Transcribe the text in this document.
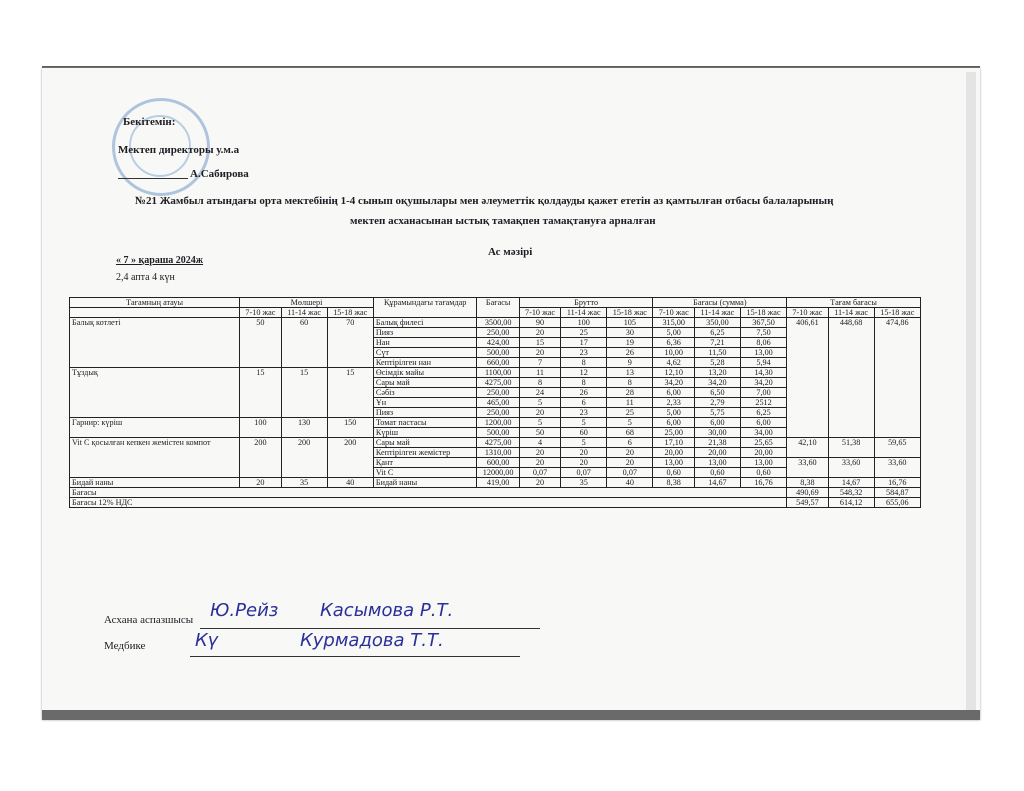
Бекітемін:
Мектеп директоры у.м.а
А.Сабирова
№21 Жамбыл атындағы орта мектебінің 1-4 сынып оқушылары мен әлеуметтік қолдауды қажет ететін аз қамтылған отбасы балаларының
мектеп асханасынан ыстық тамақпен тамақтануға арналған
Ас мәзірі
« 7 » қараша 2024ж
2,4 апта 4 күн
Тағамның атауы	Мөлшері			Құрамындағы тағамдар	Бағасы	Брутто			Бағасы (сумма)			Тағам бағасы		
	7-10 жас	11-14 жас	15-18 жас			7-10 жас	11-14 жас	15-18 жас	7-10 жас	11-14 жас	15-18 жас			
												7-10 жас	11-14 жас	15-18 жас
Балық котлеті	50	60	70	Балық филесі	3500,00	90	100	105	315,00	350,00	367,50	406,61	448,68	474,86
				Пияз	250,00	20	25	30	5,00	6,25	7,50			
				Нан	424,00	15	17	19	6,36	7,21	8,06			
				Сүт	500,00	20	23	26	10,00	11,50	13,00			
				Кептірілген нан	660,00	7	8	9	4,62	5,28	5,94			
Тұздық	15	15	15	Өсімдік майы	1100,00	11	12	13	12,10	13,20	14,30			
				Сары май	4275,00	8	8	8	34,20	34,20	34,20			
				Сәбіз	250,00	24	26	28	6,00	6,50	7,00			
				Ұн	465,00	5	6	11	2,33	2,79	2512			
				Пияз	250,00	20	23	25	5,00	5,75	6,25			
Гарнир: күріш	100	130	150	Томат пастасы	1200,00	5	5	5	6,00	6,00	6,00			
				Күріш	500,00	50	60	68	25,00	30,00	34,00			
Vit C қосылған кепкен жемістен компот	200	200	200	Сары май	4275,00	4	5	6	17,10	21,38	25,65	42,10	51,38	59,65
				Кептірілген жемістер	1310,00	20	20	20	20,00	20,00	20,00			
				Қант	600,00	20	20	20	13,00	13,00	13,00	33,60	33,60	33,60
				Vit C	12000,00	0,07	0,07	0,07	0,60	0,60	0,60			
Бидай наны	20	35	40	Бидай наны	419,00	20	35	40	8,38	14,67	16,76	8,38	14,67	16,76
Бағасы												490,69	548,32	584,87
Бағасы 12% НДС												549,57	614,12	655,06
Асхана аспазшысы Ю.Рейз Касымова Р.Т.
Медбике	Кү	Курмадова Т.Т.
